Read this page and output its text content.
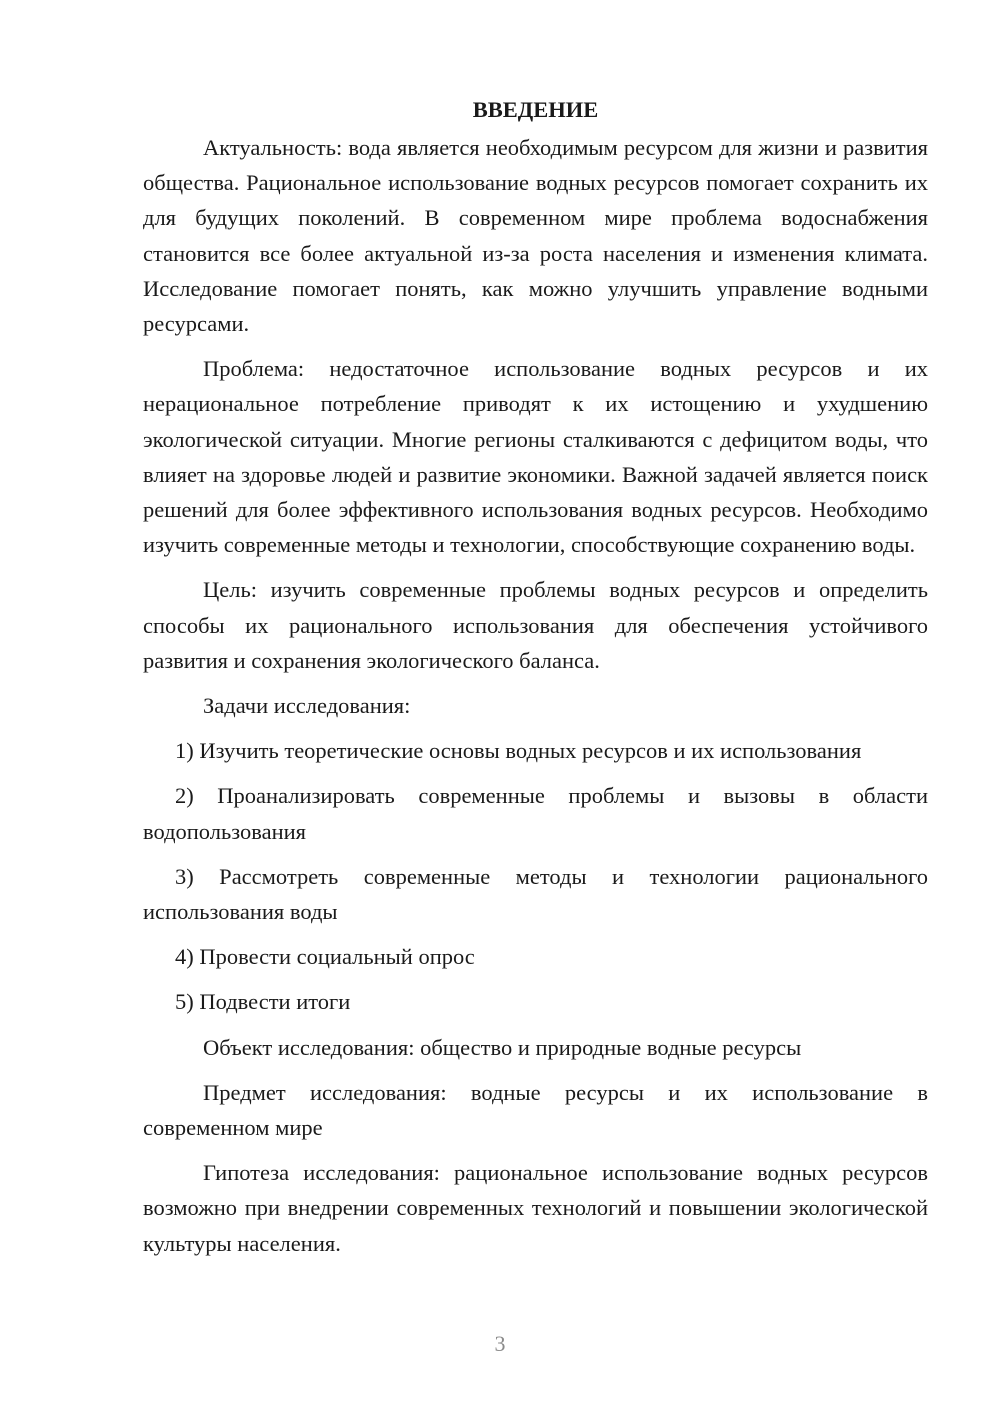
ВВЕДЕНИЕ

Актуальность: вода является необходимым ресурсом для жизни и развития общества. Рациональное использование водных ресурсов помогает сохранить их для будущих поколений. В современном мире проблема водоснабжения становится все более актуальной из-за роста населения и изменения климата. Исследование помогает понять, как можно улучшить управление водными ресурсами.

Проблема: недостаточное использование водных ресурсов и их нерациональное потребление приводят к их истощению и ухудшению экологической ситуации. Многие регионы сталкиваются с дефицитом воды, что влияет на здоровье людей и развитие экономики. Важной задачей является поиск решений для более эффективного использования водных ресурсов. Необходимо изучить современные методы и технологии, способствующие сохранению воды.

Цель: изучить современные проблемы водных ресурсов и определить способы их рационального использования для обеспечения устойчивого развития и сохранения экологического баланса.

Задачи исследования:

1) Изучить теоретические основы водных ресурсов и их использования

2) Проанализировать современные проблемы и вызовы в области водопользования

3) Рассмотреть современные методы и технологии рационального использования воды

4) Провести социальный опрос

5) Подвести итоги

Объект исследования: общество и природные водные ресурсы

Предмет исследования: водные ресурсы и их использование в современном мире

Гипотеза исследования: рациональное использование водных ресурсов возможно при внедрении современных технологий и повышении экологической культуры населения.

3
